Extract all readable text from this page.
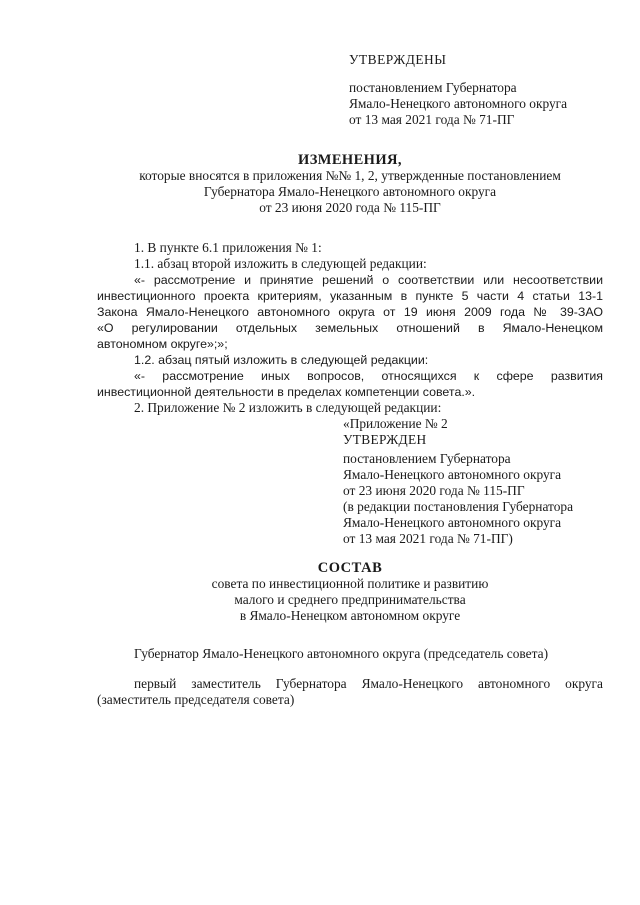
УТВЕРЖДЕНЫ
постановлением Губернатора
Ямало-Ненецкого автономного округа
от 13 мая 2021 года № 71-ПГ
ИЗМЕНЕНИЯ,
которые вносятся в приложения №№ 1, 2, утвержденные постановлением
Губернатора Ямало-Ненецкого автономного округа
от 23 июня 2020 года № 115-ПГ
1. В пункте 6.1 приложения № 1:
1.1. абзац второй изложить в следующей редакции:
«- рассмотрение и принятие решений о соответствии или несоответствии
инвестиционного проекта критериям, указанным в пункте 5 части 4 статьи 13-1
Закона Ямало-Ненецкого автономного округа от 19 июня 2009 года № 39-ЗАО
«О регулировании отдельных земельных отношений в Ямало-Ненецком
автономном округе»;»;
1.2. абзац пятый изложить в следующей редакции:
«- рассмотрение иных вопросов, относящихся к сфере развития
инвестиционной деятельности в пределах компетенции совета.».
2. Приложение № 2 изложить в следующей редакции:
«Приложение № 2
УТВЕРЖДЕН
постановлением Губернатора
Ямало-Ненецкого автономного округа
от 23 июня 2020 года № 115-ПГ
(в редакции постановления Губернатора
Ямало-Ненецкого автономного округа
от 13 мая 2021 года № 71-ПГ)
СОСТАВ
совета по инвестиционной политике и развитию
малого и среднего предпринимательства
в Ямало-Ненецком автономном округе
Губернатор Ямало-Ненецкого автономного округа (председатель совета)
первый заместитель Губернатора Ямало-Ненецкого автономного округа
(заместитель председателя совета)
